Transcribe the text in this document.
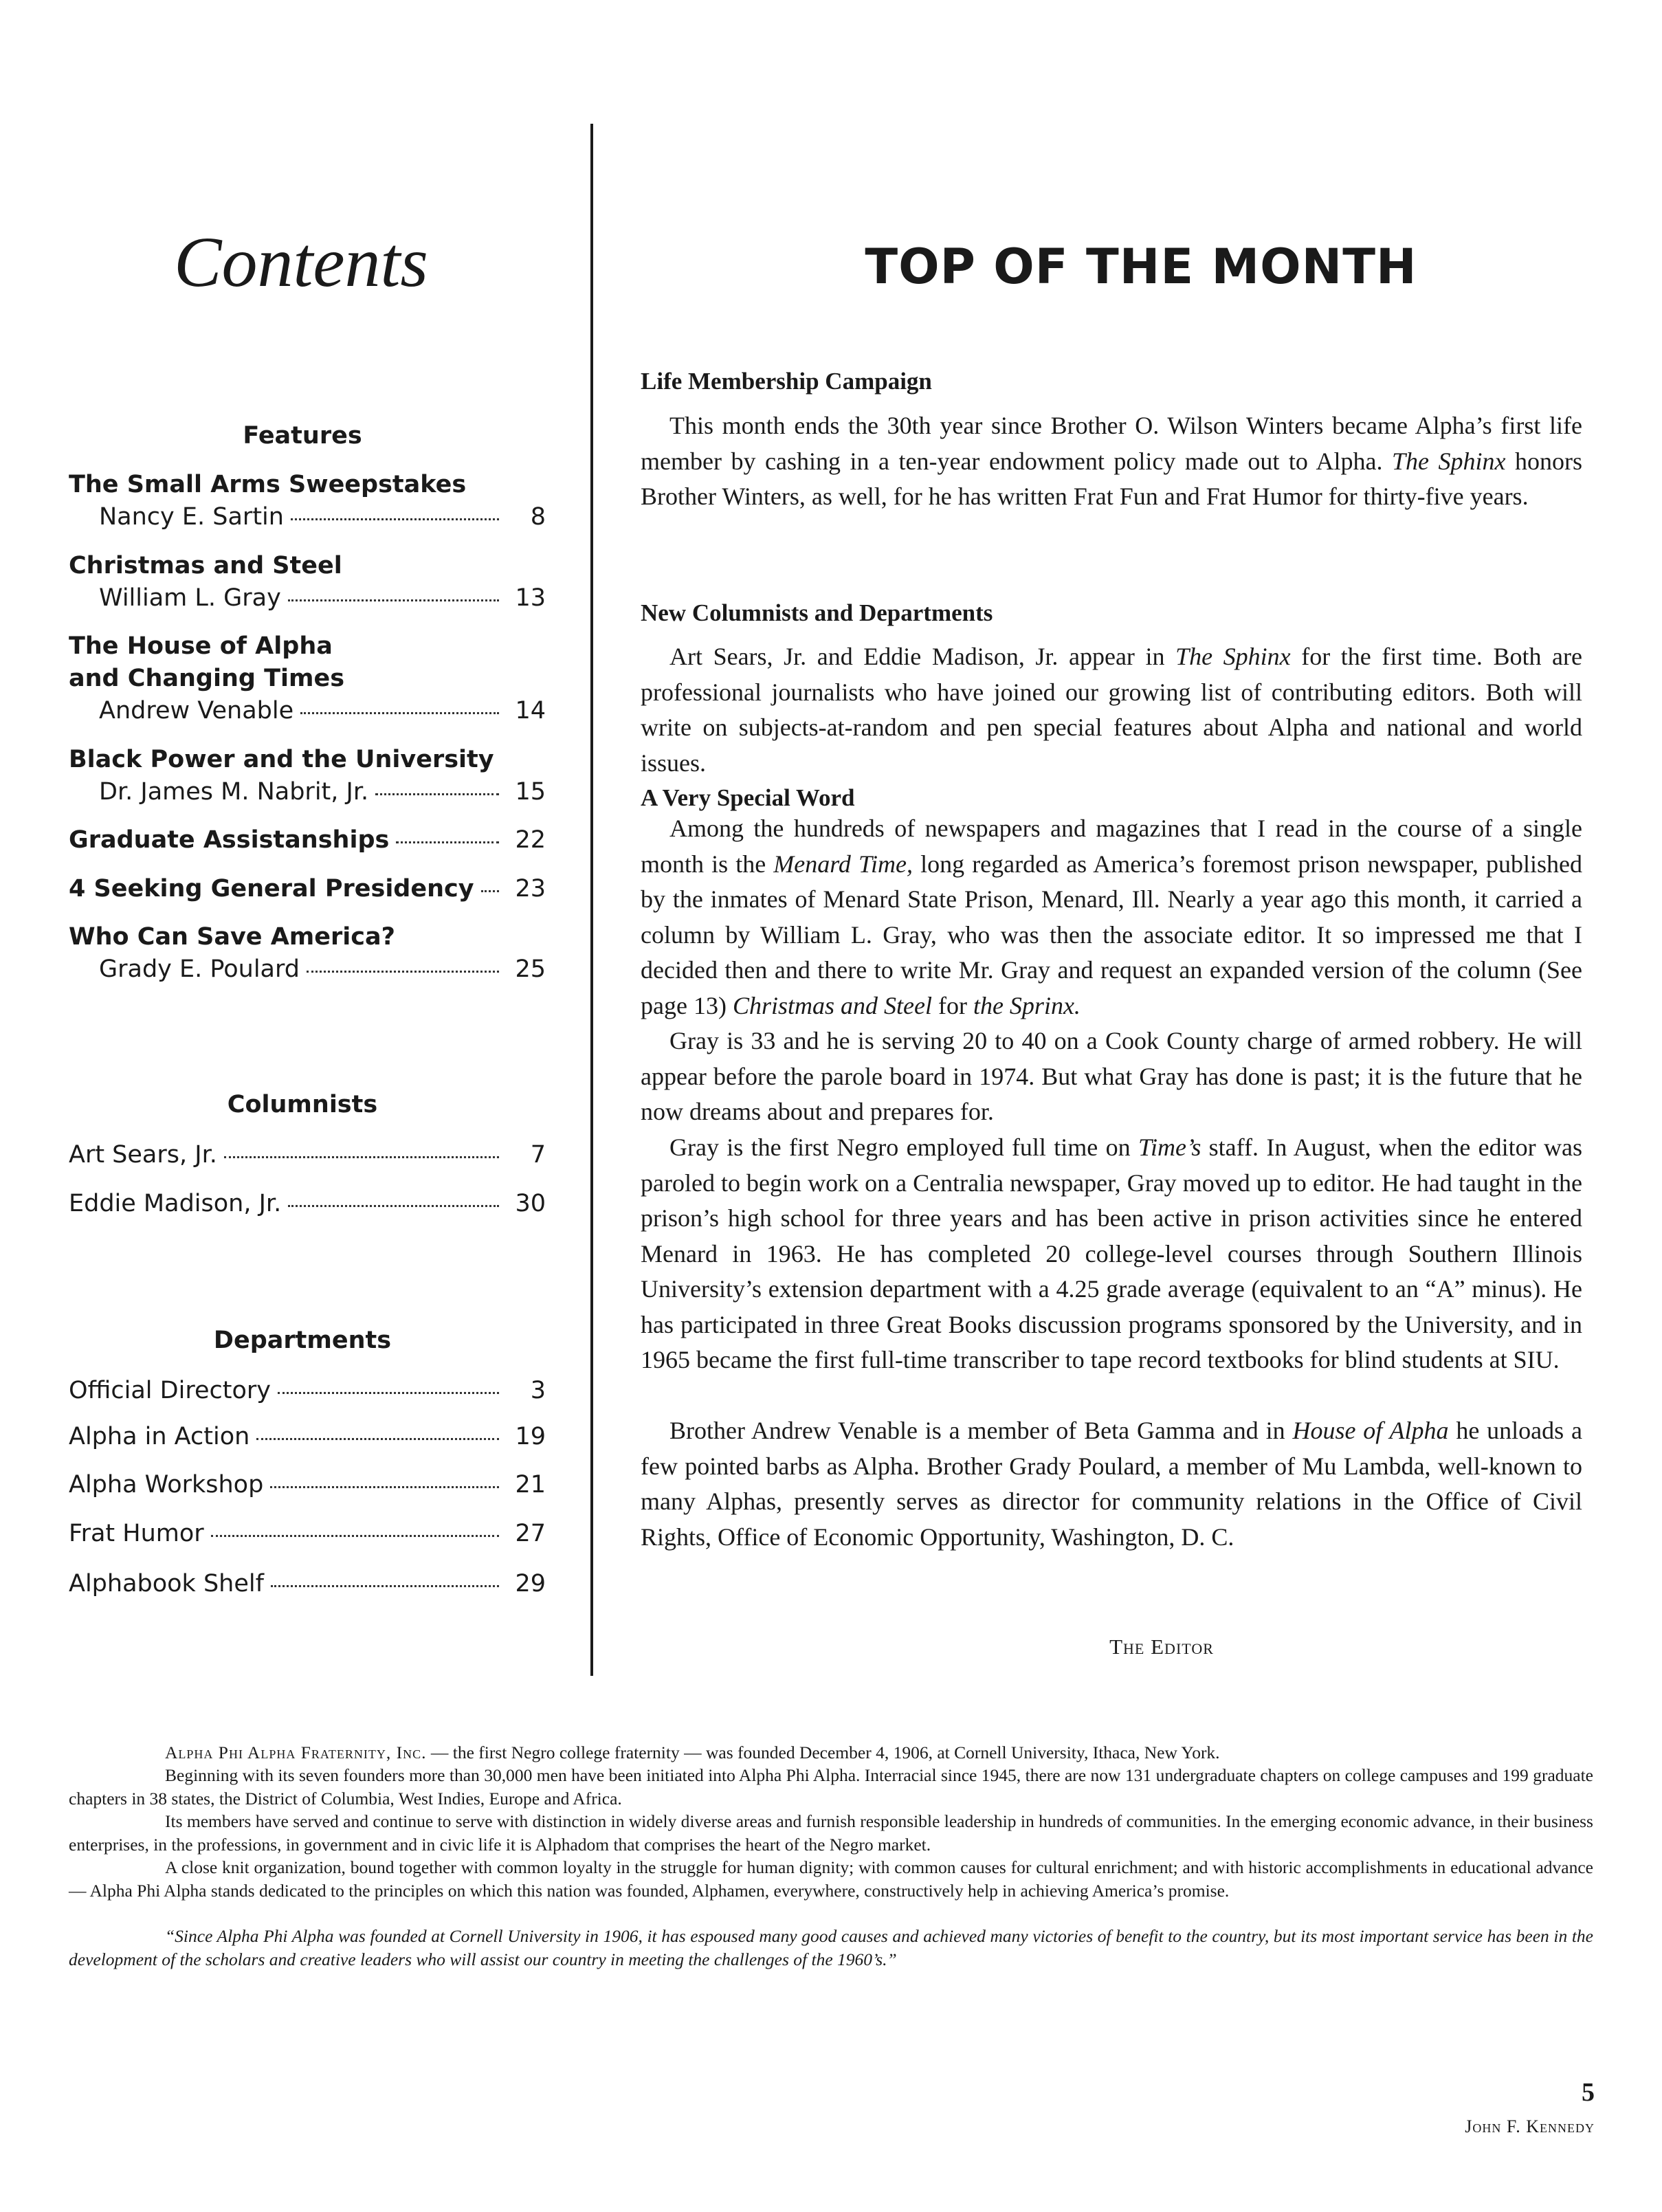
Contents
Features
The Small Arms Sweepstakes
Nancy E. Sartin	8
Christmas and Steel
William L. Gray	13
The House of Alpha
and Changing Times
Andrew Venable	14
Black Power and the University
Dr. James M. Nabrit, Jr.	15
Graduate Assistanships	22
4 Seeking General Presidency	23
Who Can Save America?
Grady E. Poulard	25
Columnists
Art Sears, Jr.	7
Eddie Madison, Jr.	30
Departments
Official Directory	3
Alpha in Action	19
Alpha Workshop	21
Frat Humor	27
Alphabook Shelf	29
TOP OF THE MONTH
Life Membership Campaign
This month ends the 30th year since Brother O. Wilson Winters became Alpha’s first life member by cashing in a ten-year endowment policy made out to Alpha. The Sphinx honors Brother Winters, as well, for he has written Frat Fun and Frat Humor for thirty-five years.
New Columnists and Departments
Art Sears, Jr. and Eddie Madison, Jr. appear in The Sphinx for the first time. Both are professional journalists who have joined our growing list of contributing editors. Both will write on subjects-at-random and pen special features about Alpha and national and world issues.
A Very Special Word
Among the hundreds of newspapers and magazines that I read in the course of a single month is the Menard Time, long regarded as America’s foremost prison newspaper, published by the inmates of Menard State Prison, Menard, Ill. Nearly a year ago this month, it carried a column by William L. Gray, who was then the associate editor. It so impressed me that I decided then and there to write Mr. Gray and request an expanded version of the column (See page 13) Christmas and Steel for the Sprinx.
Gray is 33 and he is serving 20 to 40 on a Cook County charge of armed robbery. He will appear before the parole board in 1974. But what Gray has done is past; it is the future that he now dreams about and prepares for.
Gray is the first Negro employed full time on Time’s staff. In August, when the editor was paroled to begin work on a Centralia newspaper, Gray moved up to editor. He had taught in the prison’s high school for three years and has been active in prison activities since he entered Menard in 1963. He has completed 20 college-level courses through Southern Illinois University’s extension department with a 4.25 grade average (equivalent to an “A” minus). He has participated in three Great Books discussion programs sponsored by the University, and in 1965 became the first full-time transcriber to tape record textbooks for blind students at SIU.
Brother Andrew Venable is a member of Beta Gamma and in House of Alpha he unloads a few pointed barbs as Alpha. Brother Grady Poulard, a member of Mu Lambda, well-known to many Alphas, presently serves as director for community relations in the Office of Civil Rights, Office of Economic Opportunity, Washington, D. C.
The Editor
Alpha Phi Alpha Fraternity, Inc. — the first Negro college fraternity — was founded December 4, 1906, at Cornell University, Ithaca, New York.
Beginning with its seven founders more than 30,000 men have been initiated into Alpha Phi Alpha. Interracial since 1945, there are now 131 undergraduate chapters on college campuses and 199 graduate chapters in 38 states, the District of Columbia, West Indies, Europe and Africa.
Its members have served and continue to serve with distinction in widely diverse areas and furnish responsible leadership in hundreds of communities. In the emerging economic advance, in their business enterprises, in the professions, in government and in civic life it is Alphadom that comprises the heart of the Negro market.
A close knit organization, bound together with common loyalty in the struggle for human dignity; with common causes for cultural enrichment; and with historic accomplishments in educational advance — Alpha Phi Alpha stands dedicated to the principles on which this nation was founded, Alphamen, everywhere, constructively help in achieving America’s promise.
“Since Alpha Phi Alpha was founded at Cornell University in 1906, it has espoused many good causes and achieved many victories of benefit to the country, but its most important service has been in the development of the scholars and creative leaders who will assist our country in meeting the challenges of the 1960’s.”
John F. Kennedy
5
